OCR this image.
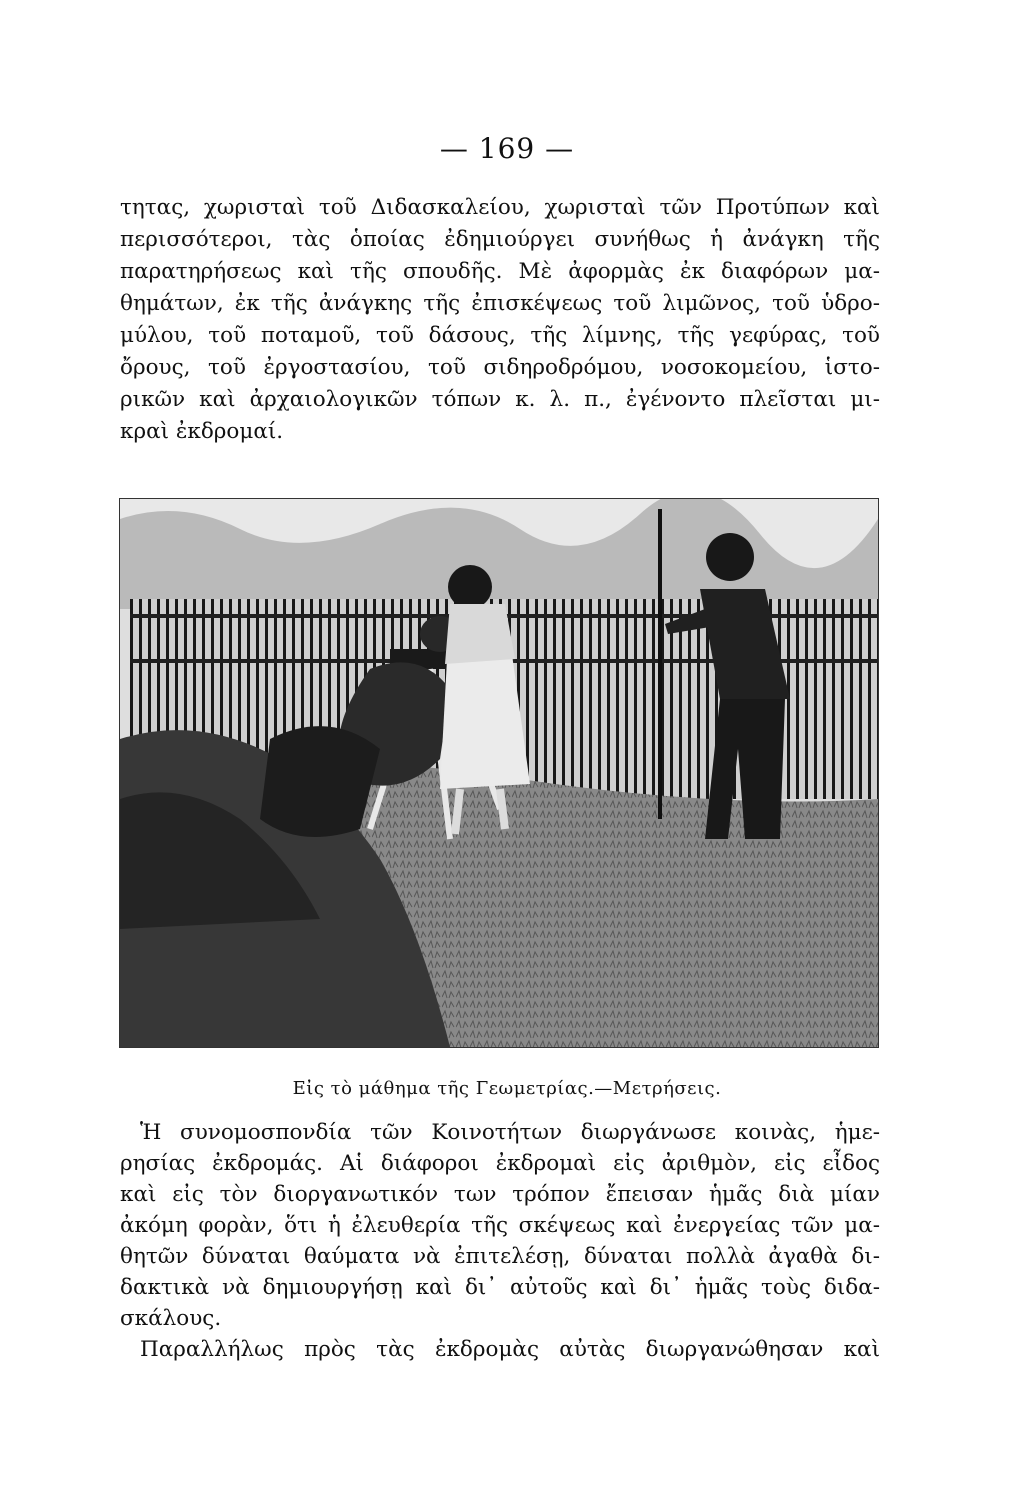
— 169 —
τητας, χωρισταὶ τοῦ Διδασκαλείου, χωρισταὶ τῶν Προτύπων καὶ
περισσότεροι, τὰς ὁποίας ἐδημιούργει συνήθως ἡ ἀνάγκη τῆς
παρατηρήσεως καὶ τῆς σπουδῆς. Μὲ ἀφορμὰς ἐκ διαφόρων μα-
θημάτων, ἐκ τῆς ἀνάγκης τῆς ἐπισκέψεως τοῦ λιμῶνος, τοῦ ὑδρο-
μύλου, τοῦ ποταμοῦ, τοῦ δάσους, τῆς λίμνης, τῆς γεφύρας, τοῦ
ὄρους, τοῦ ἐργοστασίου, τοῦ σιδηροδρόμου, νοσοκομείου, ἱστο-
ρικῶν καὶ ἀρχαιολογικῶν τόπων κ. λ. π., ἐγένοντο πλεῖσται μι-
κραὶ ἐκδρομαί.
Εἰς τὸ μάθημα τῆς Γεωμετρίας.—Μετρήσεις.
Ἡ συνομοσπονδία τῶν Κοινοτήτων διωργάνωσε κοινὰς, ἡμε-
ρησίας ἐκδρομάς. Αἱ διάφοροι ἐκδρομαὶ εἰς ἀριθμὸν, εἰς εἶδος
καὶ εἰς τὸν διοργανωτικόν των τρόπον ἔπεισαν ἡμᾶς διὰ μίαν
ἀκόμη φορὰν, ὅτι ἡ ἐλευθερία τῆς σκέψεως καὶ ἐνεργείας τῶν μα-
θητῶν δύναται θαύματα νὰ ἐπιτελέσῃ, δύναται πολλὰ ἀγαθὰ δι-
δακτικὰ νὰ δημιουργήσῃ καὶ δι᾽ αὐτοῦς καὶ δι᾽ ἡμᾶς τοὺς διδα-
σκάλους.
Παραλλήλως πρὸς τὰς ἐκδρομὰς αὐτὰς διωργανώθησαν καὶ
